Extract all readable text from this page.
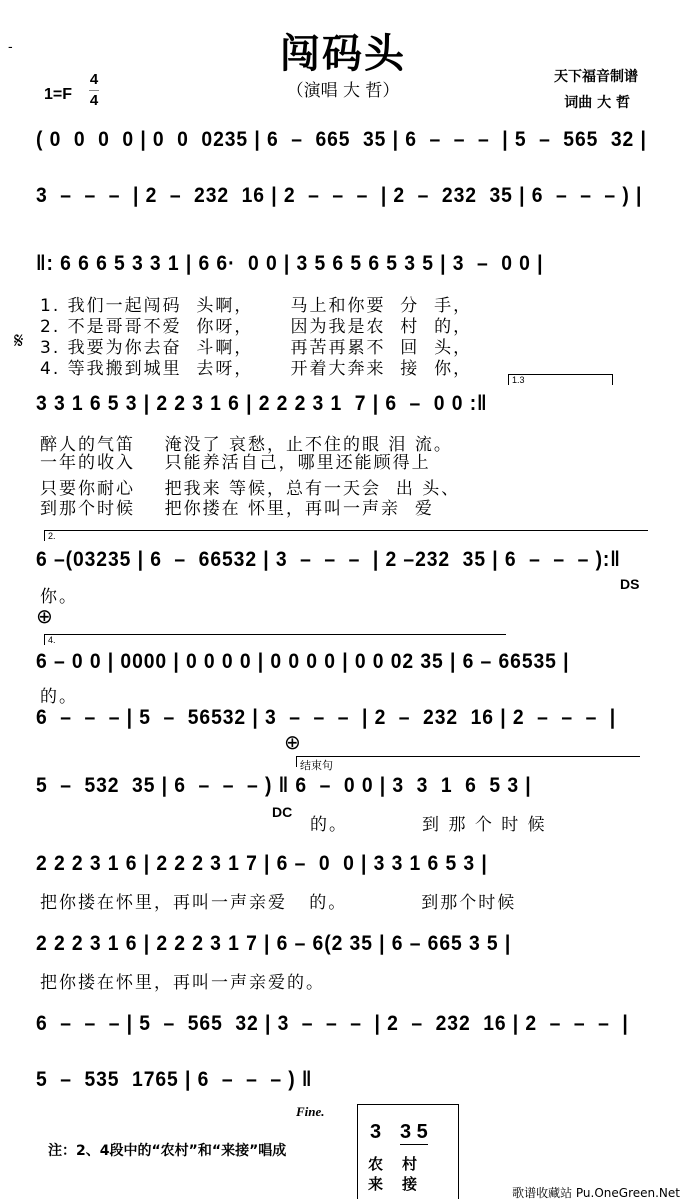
-	闯码头
（演唱 大 哲）
1=F
4
4
天下福音制谱
词曲 大 哲
( 0  0  0  0 | 0  0  0235 | 6  –  665  35 | 6  –  –  –  | 5  –  565  32 |
3  –  –  –  | 2  –  232  16 | 2  –  –  –  | 2  –  232  35 | 6  –  –  – ) |
‖: 6 6 6 5 3 3 1 | 6 6·  0 0 | 3 5 6 5 6 5 3 5 | 3  –  0 0 |
1. 我们一起闯码  头啊，     马上和你要  分  手，
2. 不是哥哥不爱  你呀，     因为我是农  村  的，
𝄋 3. 我要为你去奋  斗啊，     再苦再累不  回  头，
4. 等我搬到城里  去呀，     开着大奔来  接  你，
1.3
3 3 1 6 5 3 | 2 2 3 1 6 | 2 2 2 3 1  7 | 6  –  0 0 :‖
醉人的气笛    淹没了 哀愁，止不住的眼 泪 流。
一年的收入    只能养活自己，哪里还能顾得上
只要你耐心    把我来 等候，总有一天会  出 头、
到那个时候    把你搂在 怀里，再叫一声亲  爱
2.
6 –(03235 | 6  –  66532 | 3  –  –  –  | 2 –232  35 | 6  –  –  – ):‖
你。
DS
⊕
4.
6 – 0 0 | 0000 | 0 0 0 0 | 0 0 0 0 | 0 0 02 35 | 6 – 66535 |
的。
6  –  –  – | 5  –  56532 | 3  –  –  –  | 2  –  232  16 | 2  –  –  –  |
⊕
结束句
5  –  532  35 | 6  –  –  – ) ‖ 6  –  0 0 | 3  3  1  6  5 3 |
DC
的。          到 那 个 时 候
2 2 2 3 1 6 | 2 2 2 3 1 7 | 6 –  0  0 | 3 3 1 6 5 3 |
把你搂在怀里，再叫一声亲爱   的。          到那个时候
2 2 2 3 1 6 | 2 2 2 3 1 7 | 6 – 6(2 35 | 6 – 665 3 5 |
把你搂在怀里，再叫一声亲爱的。
6  –  –  – | 5  –  565  32 | 3  –  –  –  | 2  –  232  16 | 2  –  –  –  |
5  –  535  1765 | 6  –  –  – ) ‖
Fine.
注：2、4段中的“农村”和“来接”唱成
3 3 5
农 村
来 接	歌谱收藏站 Pu.OneGreen.Net
